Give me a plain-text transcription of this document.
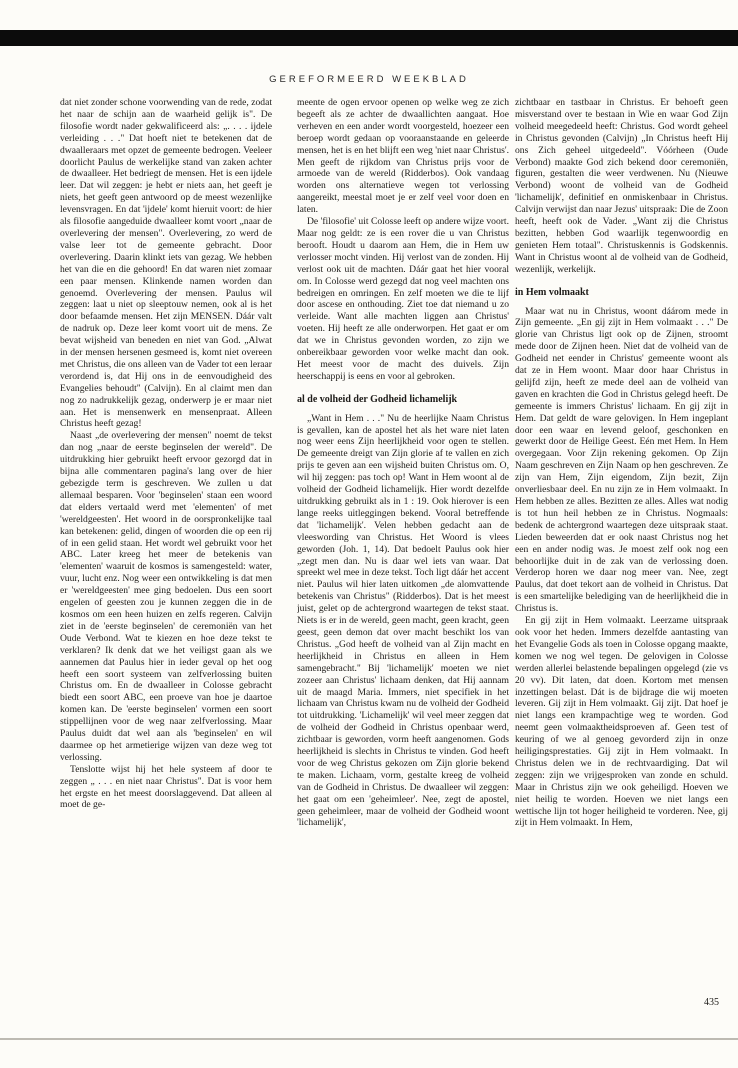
GEREFORMEERD WEEKBLAD

dat niet zonder schone voorwending van de rede, zodat het naar de schijn aan de waarheid gelijk is". De filosofie wordt nader gekwalificeerd als: „. . . . ijdele verleiding . . ." Dat hoeft niet te betekenen dat de dwaalleraars met opzet de gemeente bedrogen. Veeleer doorlicht Paulus de werkelijke stand van zaken achter de dwaalleer. Het bedriegt de mensen. Het is een ijdele leer. Dat wil zeggen: je hebt er niets aan, het geeft je niets, het geeft geen antwoord op de meest wezenlijke levensvragen. En dat 'ijdele' komt hieruit voort: de hier als filosofie aangeduide dwaalleer komt voort „naar de overlevering der mensen". Overlevering, zo werd de valse leer tot de gemeente gebracht. Door overlevering. Daarin klinkt iets van gezag. We hebben het van die en die gehoord! En dat waren niet zomaar een paar mensen. Klinkende namen worden dan genoemd. Overlevering der mensen. Paulus wil zeggen: laat u niet op sleeptouw nemen, ook al is het door befaamde mensen. Het zijn MENSEN. Dáár valt de nadruk op. Deze leer komt voort uit de mens. Ze bevat wijsheid van beneden en niet van God. „Alwat in der mensen hersenen gesmeed is, komt niet overeen met Christus, die ons alleen van de Vader tot een leraar verordend is, dat Hij ons in de eenvoudigheid des Evangelies behoudt" (Calvijn). En al claimt men dan nog zo nadrukkelijk gezag, onderwerp je er maar niet aan. Het is mensenwerk en mensenpraat. Alleen Christus heeft gezag!

Naast „de overlevering der mensen" noemt de tekst dan nog „naar de eerste beginselen der wereld". De uitdrukking hier gebruikt heeft ervoor gezorgd dat in bijna alle commentaren pagina's lang over de hier gebezigde term is geschreven. We zullen u dat allemaal besparen. Voor 'beginselen' staan een woord dat elders vertaald werd met 'elementen' of met 'wereldgeesten'. Het woord in de oorspronkelijke taal kan betekenen: gelid, dingen of woorden die op een rij of in een gelid staan. Het wordt wel gebruikt voor het ABC. Later kreeg het meer de betekenis van 'elementen' waaruit de kosmos is samengesteld: water, vuur, lucht enz. Nog weer een ontwikkeling is dat men er 'wereldgeesten' mee ging bedoelen. Dus een soort engelen of geesten zou je kunnen zeggen die in de kosmos om een heen huizen en zelfs regeren. Calvijn ziet in de 'eerste beginselen' de ceremoniën van het Oude Verbond. Wat te kiezen en hoe deze tekst te verklaren? Ik denk dat we het veiligst gaan als we aannemen dat Paulus hier in ieder geval op het oog heeft een soort systeem van zelfverlossing buiten Christus om. En de dwaalleer in Colosse gebracht biedt een soort ABC, een proeve van hoe je daartoe komen kan. De 'eerste beginselen' vormen een soort stippellijnen voor de weg naar zelfverlossing. Maar Paulus duidt dat wel aan als 'beginselen' en wil daarmee op het armetierige wijzen van deze weg tot verlossing.

Tenslotte wijst hij het hele systeem af door te zeggen „ . . . en niet naar Christus". Dat is voor hem het ergste en het meest doorslaggevend. Dat alleen al moet de ge-

meente de ogen ervoor openen op welke weg ze zich begeeft als ze achter de dwaallichten aangaat. Hoe verheven en een ander wordt voorgesteld, hoezeer een beroep wordt gedaan op vooraanstaande en geleerde mensen, het is en het blijft een weg 'niet naar Christus'. Men geeft de rijkdom van Christus prijs voor de armoede van de wereld (Ridderbos). Ook vandaag worden ons alternatieve wegen tot verlossing aangereikt, meestal moet je er zelf veel voor doen en laten.

De 'filosofie' uit Colosse leeft op andere wijze voort. Maar nog geldt: ze is een rover die u van Christus berooft. Houdt u daarom aan Hem, die in Hem uw verlosser mocht vinden. Hij verlost van de zonden. Hij verlost ook uit de machten. Dáár gaat het hier vooral om. In Colosse werd gezegd dat nog veel machten ons bedreigen en omringen. En zelf moeten we die te lijf door ascese en onthouding. Ziet toe dat niemand u zo verleide. Want alle machten liggen aan Christus' voeten. Hij heeft ze alle onderworpen. Het gaat er om dat we in Christus gevonden worden, zo zijn we onbereikbaar geworden voor welke macht dan ook. Het meest voor de macht des duivels. Zijn heerschappij is eens en voor al gebroken.

al de volheid der Godheid lichamelijk

„Want in Hem . . ." Nu de heerlijke Naam Christus is gevallen, kan de apostel het als het ware niet laten nog weer eens Zijn heerlijkheid voor ogen te stellen. De gemeente dreigt van Zijn glorie af te vallen en zich prijs te geven aan een wijsheid buiten Christus om. O, wil hij zeggen: pas toch op! Want in Hem woont al de volheid der Godheid lichamelijk. Hier wordt dezelfde uitdrukking gebruikt als in 1 : 19. Ook hierover is een lange reeks uitleggingen bekend. Vooral betreffende dat 'lichamelijk'. Velen hebben gedacht aan de vleeswording van Christus. Het Woord is vlees geworden (Joh. 1, 14). Dat bedoelt Paulus ook hier „zegt men dan. Nu is daar wel iets van waar. Dat spreekt wel mee in deze tekst. Toch ligt dáár het accent niet. Paulus wil hier laten uitkomen „de alomvattende betekenis van Christus" (Ridderbos). Dat is het meest juist, gelet op de achtergrond waartegen de tekst staat. Niets is er in de wereld, geen macht, geen kracht, geen geest, geen demon dat over macht beschikt los van Christus. „God heeft de volheid van al Zijn macht en heerlijkheid in Christus en alleen in Hem samengebracht." Bij 'lichamelijk' moeten we niet zozeer aan Christus' lichaam denken, dat Hij aannam uit de maagd Maria. Immers, niet specifiek in het lichaam van Christus kwam nu de volheid der Godheid tot uitdrukking. 'Lichamelijk' wil veel meer zeggen dat de volheid der Godheid in Christus openbaar werd, zichtbaar is geworden, vorm heeft aangenomen. Gods heerlijkheid is slechts in Christus te vinden. God heeft voor de weg Christus gekozen om Zijn glorie bekend te maken. Lichaam, vorm, gestalte kreeg de volheid van de Godheid in Christus. De dwaalleer wil zeggen: het gaat om een 'geheimleer'. Nee, zegt de apostel, geen geheimleer, maar de volheid der Godheid woont 'lichamelijk',

zichtbaar en tastbaar in Christus. Er behoeft geen misverstand over te bestaan in Wie en waar God Zijn volheid meegedeeld heeft: Christus. God wordt geheel in Christus gevonden (Calvijn) „In Christus heeft Hij ons Zich geheel uitgedeeld". Vóórheen (Oude Verbond) maakte God zich bekend door ceremoniën, figuren, gestalten die weer verdwenen. Nu (Nieuwe Verbond) woont de volheid van de Godheid 'lichamelijk', definitief en onmiskenbaar in Christus. Calvijn verwijst dan naar Jezus' uitspraak: Die de Zoon heeft, heeft ook de Vader. „Want zij die Christus bezitten, hebben God waarlijk tegenwoordig en genieten Hem totaal". Christuskennis is Godskennis. Want in Christus woont al de volheid van de Godheid, wezenlijk, werkelijk.

in Hem volmaakt

Maar wat nu in Christus, woont dáárom mede in Zijn gemeente. „En gij zijt in Hem volmaakt . . ." De glorie van Christus ligt ook op de Zijnen, stroomt mede door de Zijnen heen. Niet dat de volheid van de Godheid net eender in Christus' gemeente woont als dat ze in Hem woont. Maar door haar Christus in gelijfd zijn, heeft ze mede deel aan de volheid van gaven en krachten die God in Christus gelegd heeft. De gemeente is immers Christus' lichaam. En gij zijt in Hem. Dat geldt de ware gelovigen. In Hem ingeplant door een waar en levend geloof, geschonken en gewerkt door de Heilige Geest. Eén met Hem. In Hem overgegaan. Voor Zijn rekening gekomen. Op Zijn Naam geschreven en Zijn Naam op hen geschreven. Ze zijn van Hem, Zijn eigendom, Zijn bezit, Zijn onverliesbaar deel. En nu zijn ze in Hem volmaakt. In Hem hebben ze alles. Bezitten ze alles. Alles wat nodig is tot hun heil hebben ze in Christus. Nogmaals: bedenk de achtergrond waartegen deze uitspraak staat. Lieden beweerden dat er ook naast Christus nog het een en ander nodig was. Je moest zelf ook nog een behoorlijke duit in de zak van de verlossing doen. Verderop horen we daar nog meer van. Nee, zegt Paulus, dat doet tekort aan de volheid in Christus. Dat is een smartelijke belediging van de heerlijkheid die in Christus is.

En gij zijt in Hem volmaakt. Leerzame uitspraak ook voor het heden. Immers dezelfde aantasting van het Evangelie Gods als toen in Colosse opgang maakte, komen we nog wel tegen. De gelovigen in Colosse werden allerlei belastende bepalingen opgelegd (zie vs 20 vv). Dit laten, dat doen. Kortom met mensen inzettingen belast. Dát is de bijdrage die wij moeten leveren. Gij zijt in Hem volmaakt. Gij zijt. Dat hoef je niet langs een krampachtige weg te worden. God neemt geen volmaaktheidsproeven af. Geen test of keuring of we al genoeg gevorderd zijn in onze heiligingsprestaties. Gij zijt in Hem volmaakt. In Christus delen we in de rechtvaardiging. Dat wil zeggen: zijn we vrijgesproken van zonde en schuld. Maar in Christus zijn we ook geheiligd. Hoeven we niet heilig te worden. Hoeven we niet langs een wettische lijn tot hoger heiligheid te vorderen. Nee, gij zijt in Hem volmaakt. In Hem,

435
